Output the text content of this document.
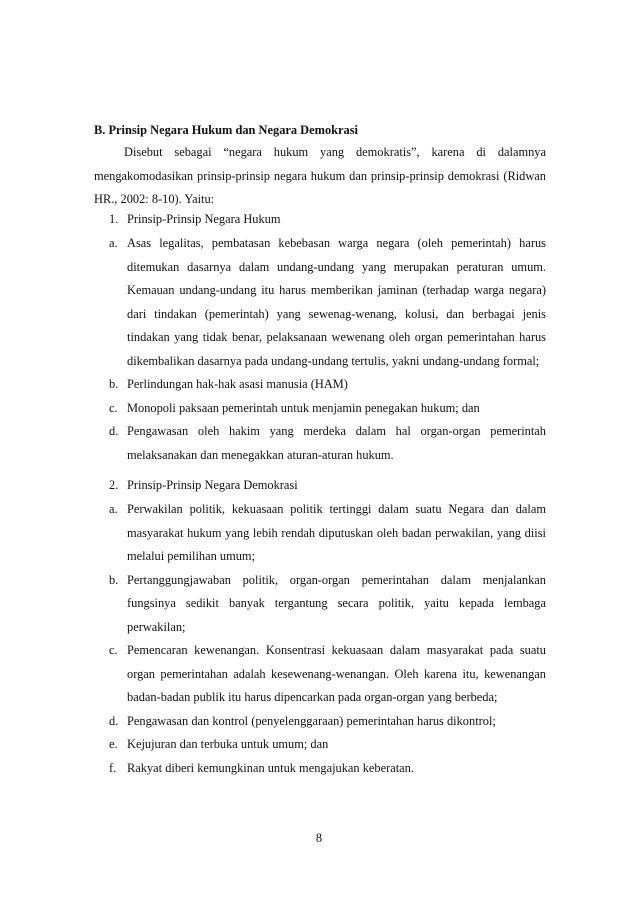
B. Prinsip Negara Hukum dan Negara Demokrasi

Disebut sebagai “negara hukum yang demokratis”, karena di dalamnya mengakomodasikan prinsip-prinsip negara hukum dan prinsip-prinsip demokrasi (Ridwan HR., 2002: 8-10). Yaitu:

1. Prinsip-Prinsip Negara Hukum

a. Asas legalitas, pembatasan kebebasan warga negara (oleh pemerintah) harus ditemukan dasarnya dalam undang-undang yang merupakan peraturan umum. Kemauan undang-undang itu harus memberikan jaminan (terhadap warga negara) dari tindakan (pemerintah) yang sewenag-wenang, kolusi, dan berbagai jenis tindakan yang tidak benar, pelaksanaan wewenang oleh organ pemerintahan harus dikembalikan dasarnya pada undang-undang tertulis, yakni undang-undang formal;
b. Perlindungan hak-hak asasi manusia (HAM)
c. Monopoli paksaan pemerintah untuk menjamin penegakan hukum; dan
d. Pengawasan oleh hakim yang merdeka dalam hal organ-organ pemerintah melaksanakan dan menegakkan aturan-aturan hukum.

2. Prinsip-Prinsip Negara Demokrasi

a. Perwakilan politik, kekuasaan politik tertinggi dalam suatu Negara dan dalam masyarakat hukum yang lebih rendah diputuskan oleh badan perwakilan, yang diisi melalui pemilihan umum;
b. Pertanggungjawaban politik, organ-organ pemerintahan dalam menjalankan fungsinya sedikit banyak tergantung secara politik, yaitu kepada lembaga perwakilan;
c. Pemencaran kewenangan. Konsentrasi kekuasaan dalam masyarakat pada suatu organ pemerintahan adalah kesewenang-wenangan. Oleh karena itu, kewenangan badan-badan publik itu harus dipencarkan pada organ-organ yang berbeda;
d. Pengawasan dan kontrol (penyelenggaraan) pemerintahan harus dikontrol;
e. Kejujuran dan terbuka untuk umum; dan
f. Rakyat diberi kemungkinan untuk mengajukan keberatan.

8
